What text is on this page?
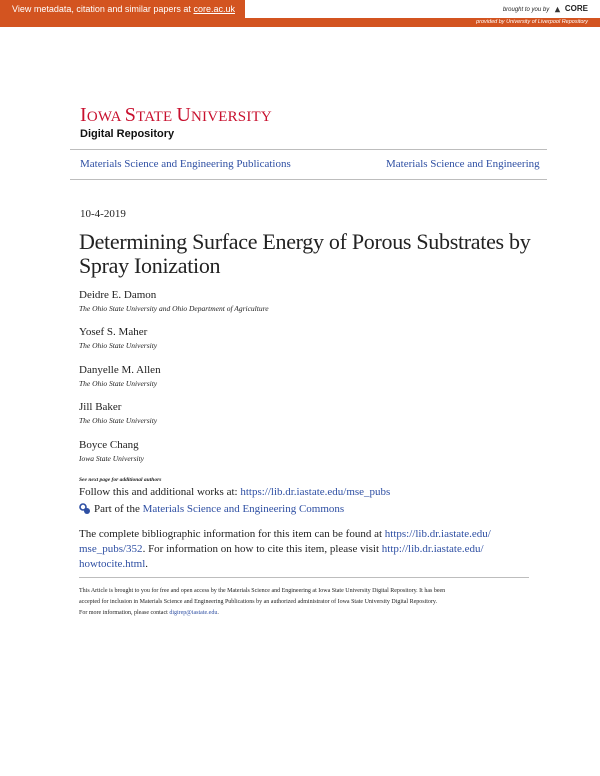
View metadata, citation and similar papers at core.ac.uk	brought to you by CORE
provided by University of Liverpool Repository
IOWA STATE UNIVERSITY
Digital Repository
Materials Science and Engineering Publications	Materials Science and Engineering
10-4-2019
Determining Surface Energy of Porous Substrates by Spray Ionization
Deidre E. Damon
The Ohio State University and Ohio Department of Agriculture
Yosef S. Maher
The Ohio State University
Danyelle M. Allen
The Ohio State University
Jill Baker
The Ohio State University
Boyce Chang
Iowa State University
See next page for additional authors
Follow this and additional works at: https://lib.dr.iastate.edu/mse_pubs
Part of the Materials Science and Engineering Commons
The complete bibliographic information for this item can be found at https://lib.dr.iastate.edu/
mse_pubs/352. For information on how to cite this item, please visit http://lib.dr.iastate.edu/
howtocite.html.
This Article is brought to you for free and open access by the Materials Science and Engineering at Iowa State University Digital Repository. It has been
accepted for inclusion in Materials Science and Engineering Publications by an authorized administrator of Iowa State University Digital Repository.
For more information, please contact digirep@iastate.edu.
